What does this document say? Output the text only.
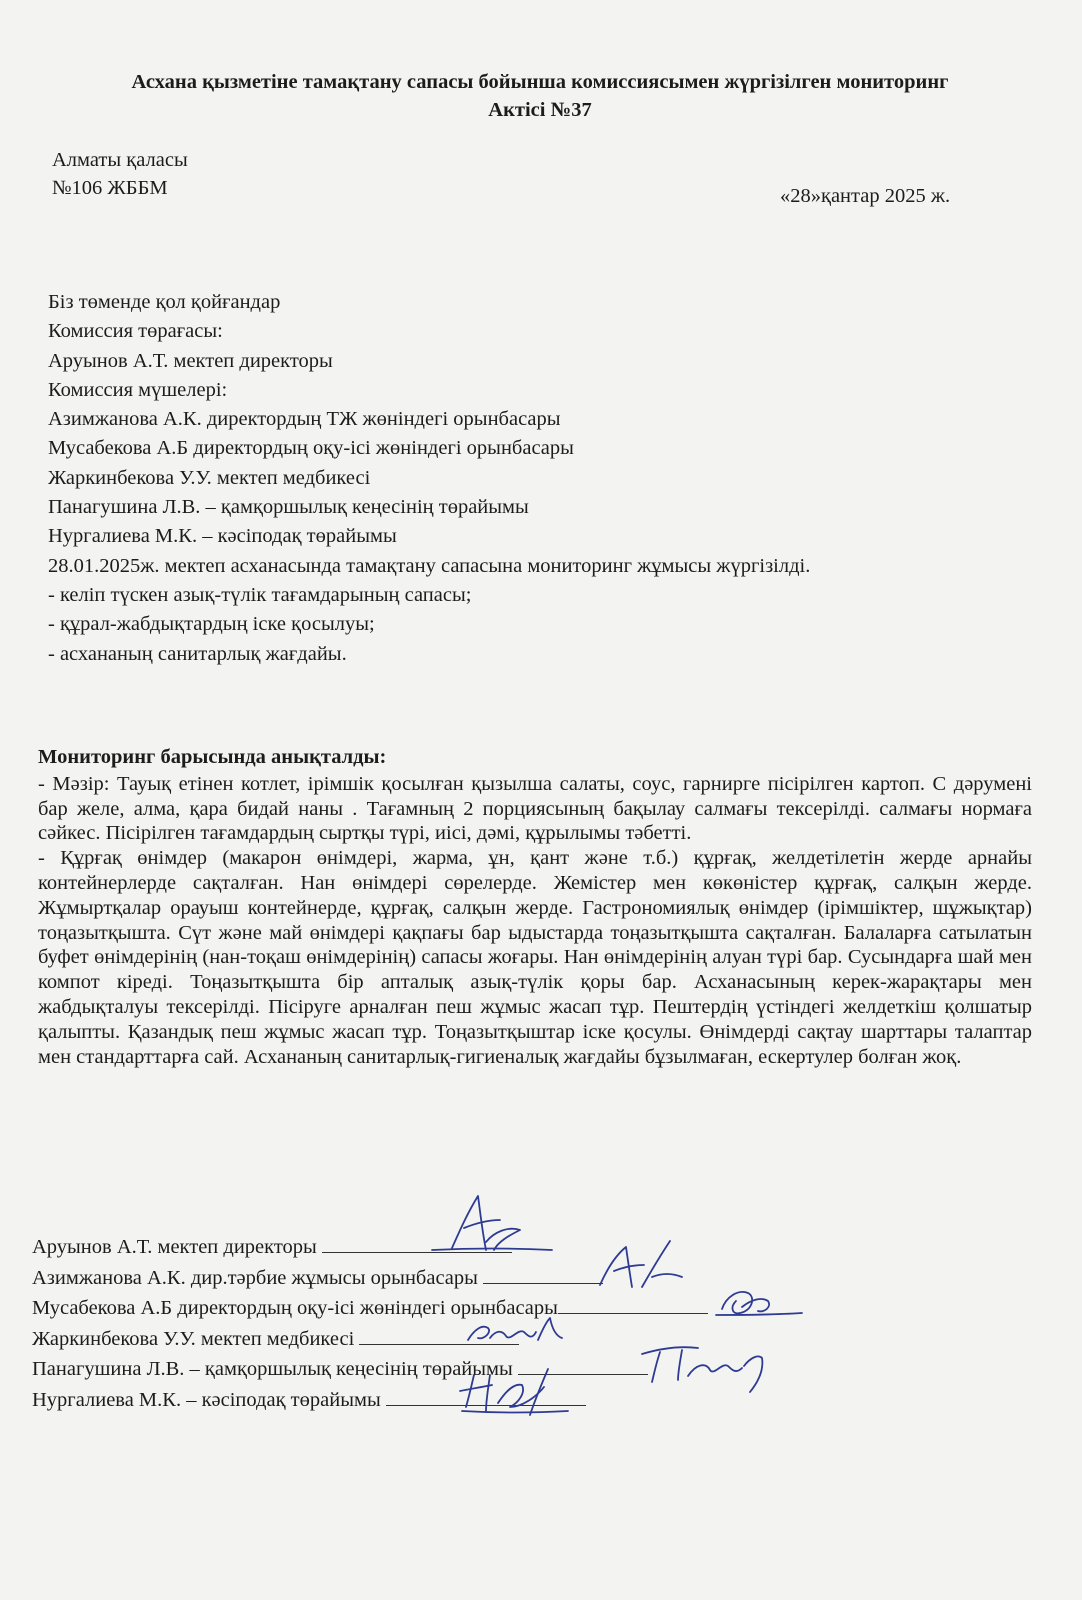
Асхана қызметіне тамақтану сапасы бойынша комиссиясымен жүргізілген мониторинг
Актісі №37
Алматы қаласы
№106 ЖББМ	«28»қантар 2025 ж.
Біз төменде қол қойғандар
Комиссия төрағасы:
Аруынов А.Т. мектеп директоры
Комиссия мүшелері:
Азимжанова А.К. директордың ТЖ жөніндегі орынбасары
Мусабекова А.Б директордың оқу-ісі жөніндегі орынбасары
Жаркинбекова У.У. мектеп медбикесі
Панагушина Л.В. – қамқоршылық кеңесінің төрайымы
Нургалиева М.К. – кәсіподақ төрайымы
28.01.2025ж. мектеп асханасында тамақтану сапасына мониторинг жұмысы жүргізілді.
- келіп түскен азық-түлік тағамдарының сапасы;
- құрал-жабдықтардың іске қосылуы;
- асхананың санитарлық жағдайы.
Мониторинг барысында анықталды:

- Мәзір: Тауық етінен котлет, ірімшік қосылған қызылша салаты, соус, гарнирге пісірілген картоп. С дәрумені бар желе, алма, қара бидай наны . Тағамның 2 порциясының бақылау салмағы тексерілді. салмағы нормаға сәйкес. Пісірілген тағамдардың сыртқы түрі, иісі, дәмі, құрылымы тәбетті.

- Құрғақ өнімдер (макарон өнімдері, жарма, ұн, қант және т.б.) құрғақ, желдетілетін жерде арнайы контейнерлерде сақталған. Нан өнімдері сөрелерде. Жемістер мен көкөністер құрғақ, салқын жерде. Жұмыртқалар орауыш контейнерде, құрғақ, салқын жерде. Гастрономиялық өнімдер (ірімшіктер, шұжықтар) тоңазытқышта. Сүт және май өнімдері қақпағы бар ыдыстарда тоңазытқышта сақталған. Балаларға сатылатын буфет өнімдерінің (нан-тоқаш өнімдерінің) сапасы жоғары. Нан өнімдерінің алуан түрі бар. Сусындарға шай мен компот кіреді. Тоңазытқышта бір апталық азық-түлік қоры бар. Асханасының керек-жарақтары мен жабдықталуы тексерілді. Пісіруге арналған пеш жұмыс жасап тұр. Пештердің үстіндегі желдеткіш қолшатыр қалыпты. Қазандық пеш жұмыс жасап тұр. Тоңазытқыштар іске қосулы. Өнімдерді сақтау шарттары талаптар мен стандарттарға сай. Асхананың санитарлық-гигиеналық жағдайы бұзылмаған, ескертулер болған жоқ.

Аруынов А.Т. мектеп директоры
Азимжанова А.К. дир.тәрбие жұмысы орынбасары
Мусабекова А.Б директордың оқу-ісі жөніндегі орынбасары
Жаркинбекова У.У. мектеп медбикесі
Панагушина Л.В. – қамқоршылық кеңесінің төрайымы
Нургалиева М.К. – кәсіподақ төрайымы
